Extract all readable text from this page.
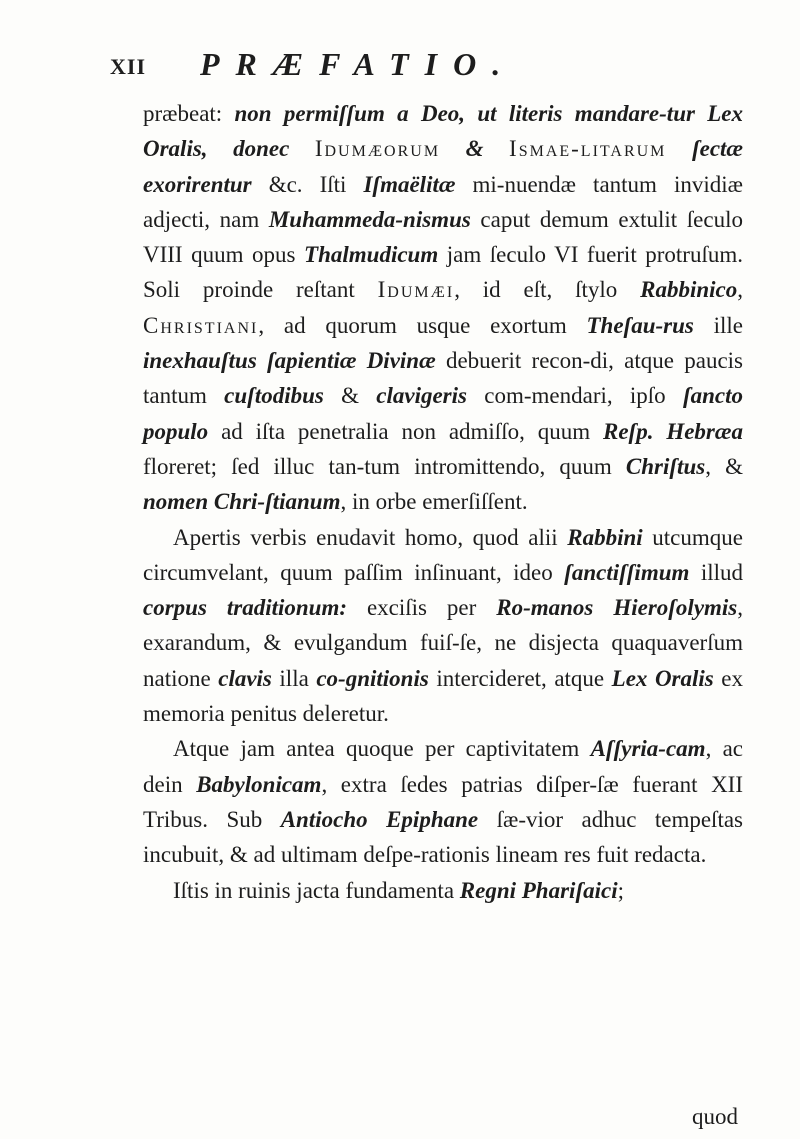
XII PRÆFATIO.

præbeat: non permiſſum a Deo, ut literis mandare-tur Lex Oralis, donec Idumæorum & Ismae-litarum ſectæ exorirentur &c. Iſti Iſmaëlitæ mi-nuendæ tantum invidiæ adjecti, nam Muhammeda-nismus caput demum extulit ſeculo VIII quum opus Thalmudicum jam ſeculo VI fuerit protruſum. Soli proinde reſtant Idumæi, id eſt, ſtylo Rabbinico, Christiani, ad quorum usque exortum Theſau-rus ille inexhauſtus ſapientiæ Divinæ debuerit recon-di, atque paucis tantum cuſtodibus & clavigeris com-mendari, ipſo ſancto populo ad iſta penetralia non admiſſo, quum Reſp. Hebræa floreret; ſed illuc tan-tum intromittendo, quum Chriſtus, & nomen Chri-ſtianum, in orbe emerſiſſent.

Apertis verbis enudavit homo, quod alii Rabbini utcumque circumvelant, quum paſſim inſinuant, ideo ſanctiſſimum illud corpus traditionum: exciſis per Ro-manos Hieroſolymis, exarandum, & evulgandum fuiſ-ſe, ne disjecta quaquaverſum natione clavis illa co-gnitionis intercideret, atque Lex Oralis ex memoria penitus deleretur.

Atque jam antea quoque per captivitatem Aſſyria-cam, ac dein Babylonicam, extra ſedes patrias diſper-ſæ fuerant XII Tribus. Sub Antiocho Epiphane ſæ-vior adhuc tempeſtas incubuit, & ad ultimam deſpe-rationis lineam res fuit redacta.

Iſtis in ruinis jacta fundamenta Regni Phariſaici;

quod
